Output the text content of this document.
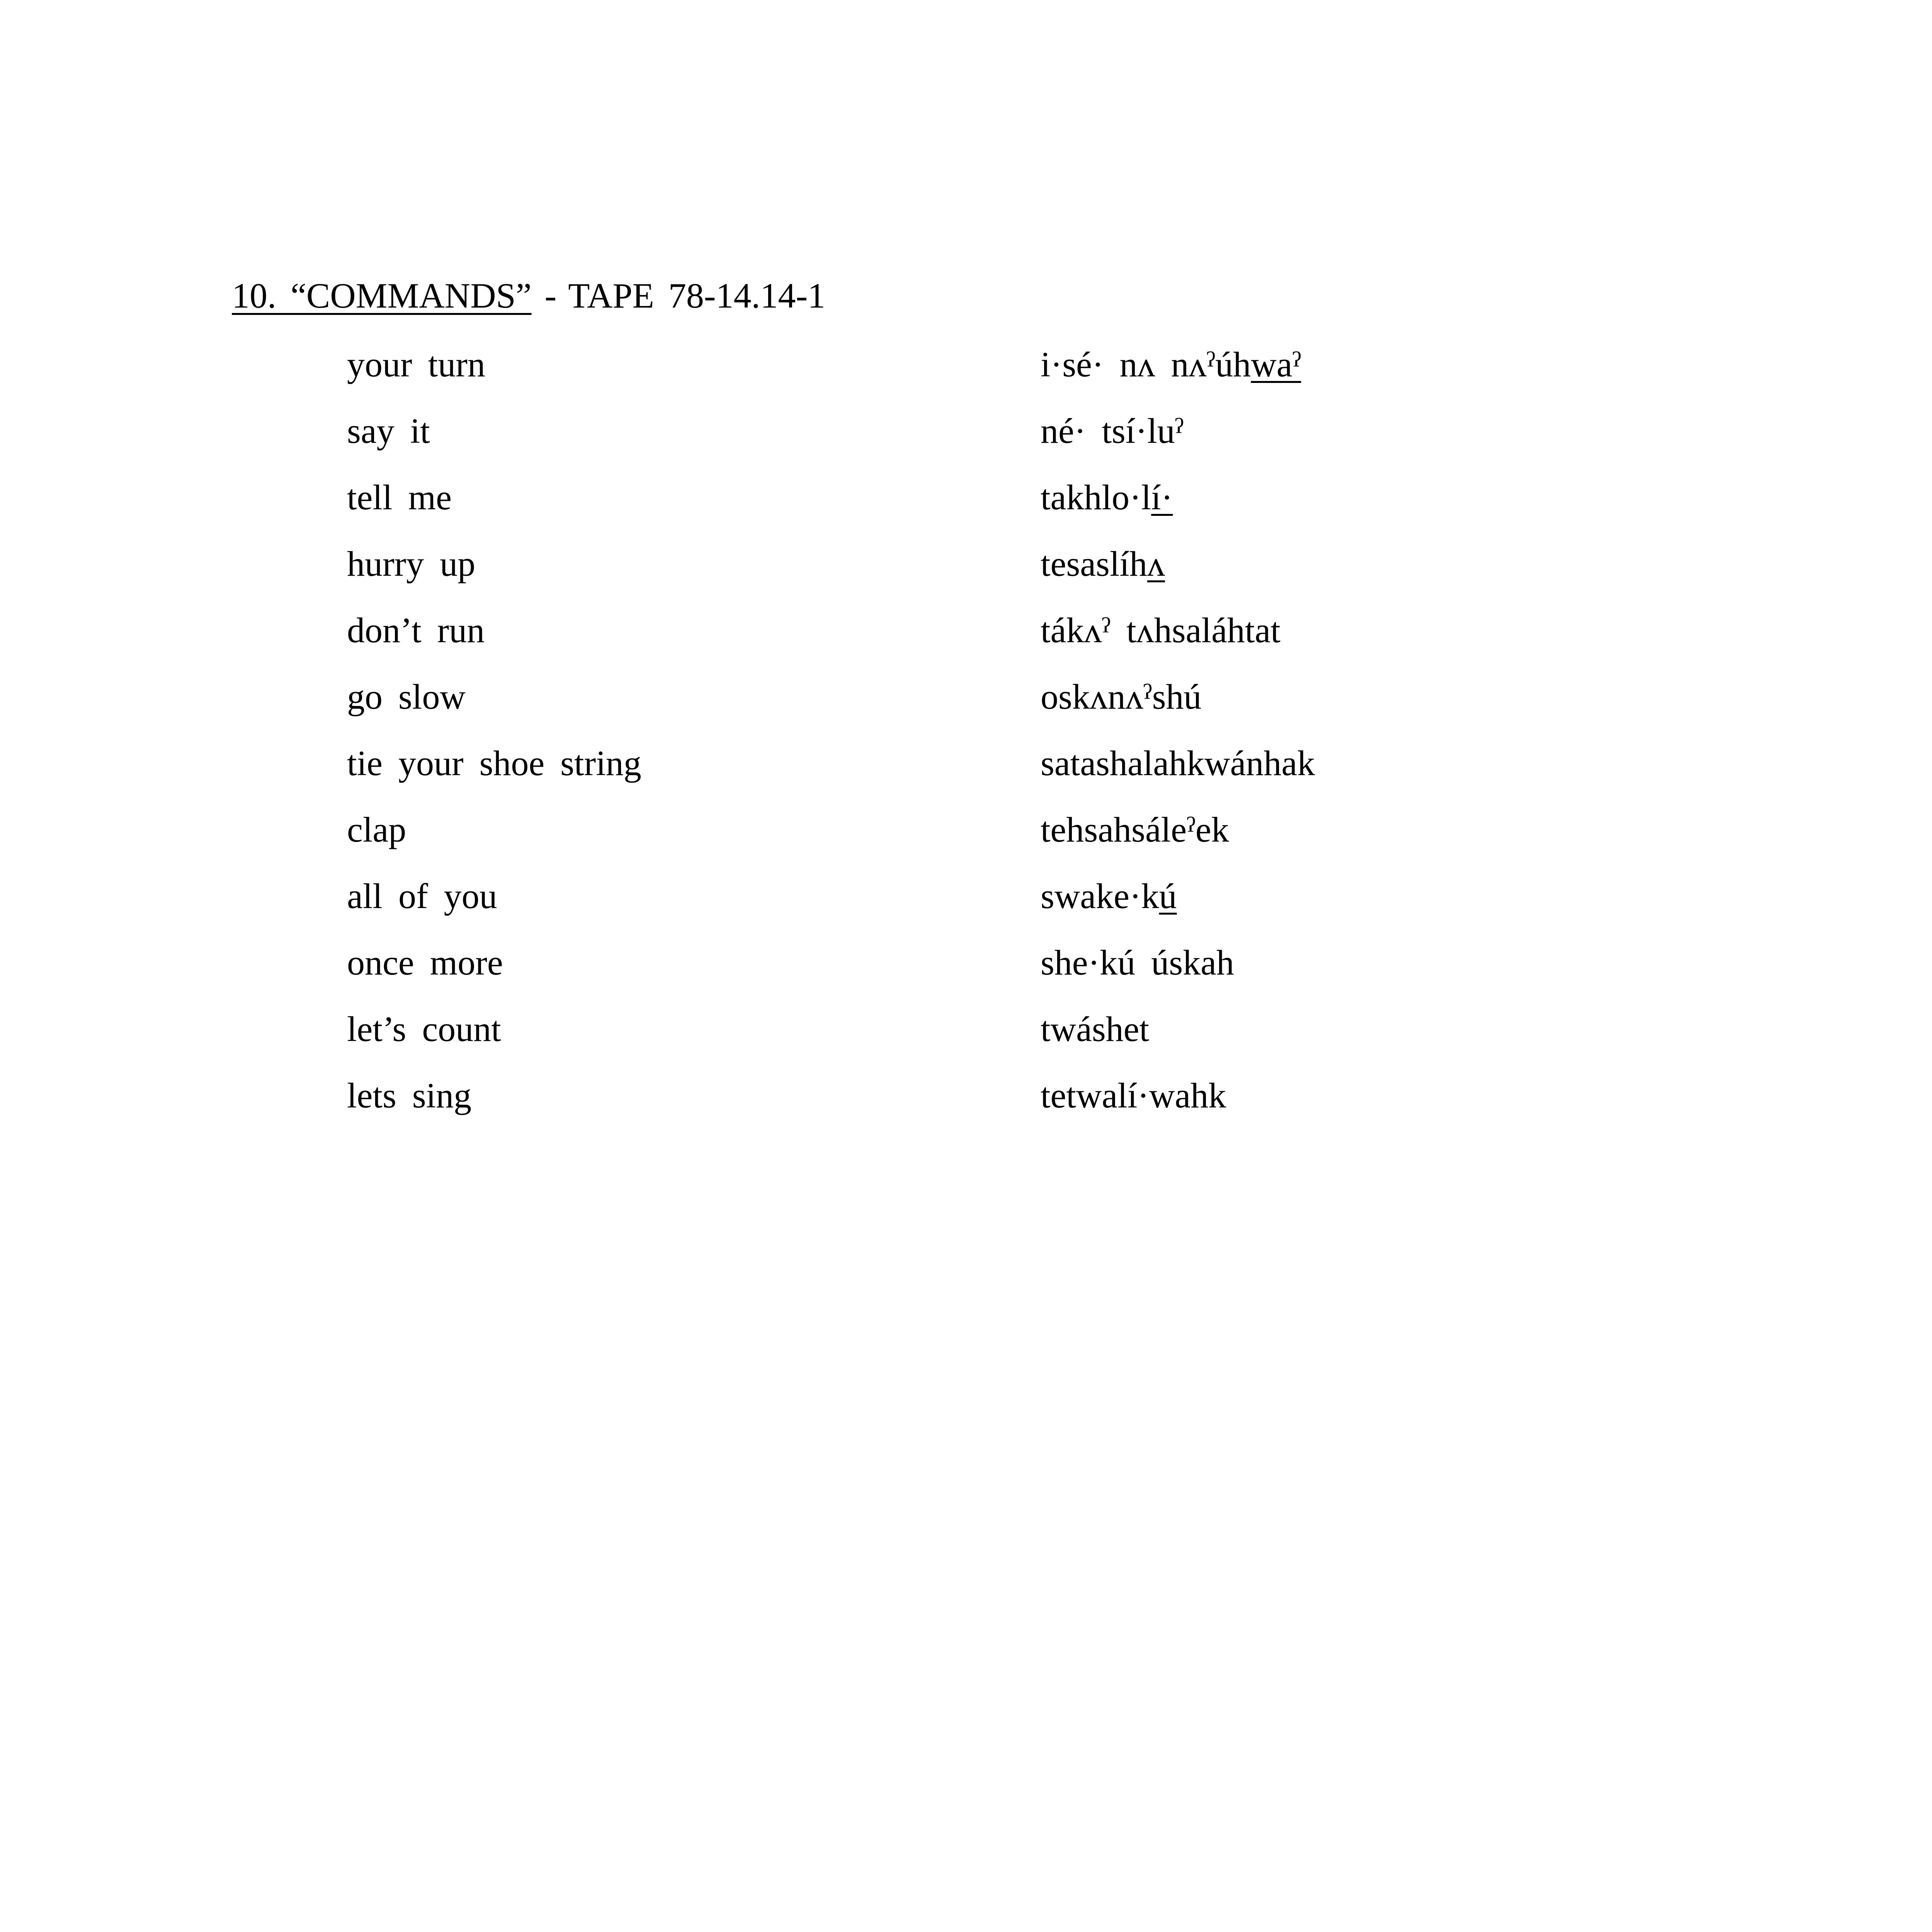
10. “COMMANDS” - TAPE 78-14.14-1
your turn	i·sé· nʌ nʌˀúhwaˀ
say it	né· tsí·luˀ
tell me	takhlo·lí·
hurry up	tesaslíhʌ
don’t run	tákʌˀ tʌhsaláhtat
go slow	oskʌnʌˀshú
tie your shoe string	satashalahkwánhak
clap	tehsahsáleˀek
all of you	swake·kú
once more	she·kú úskah
let’s count	twáshet
lets sing	tetwalí·wahk
